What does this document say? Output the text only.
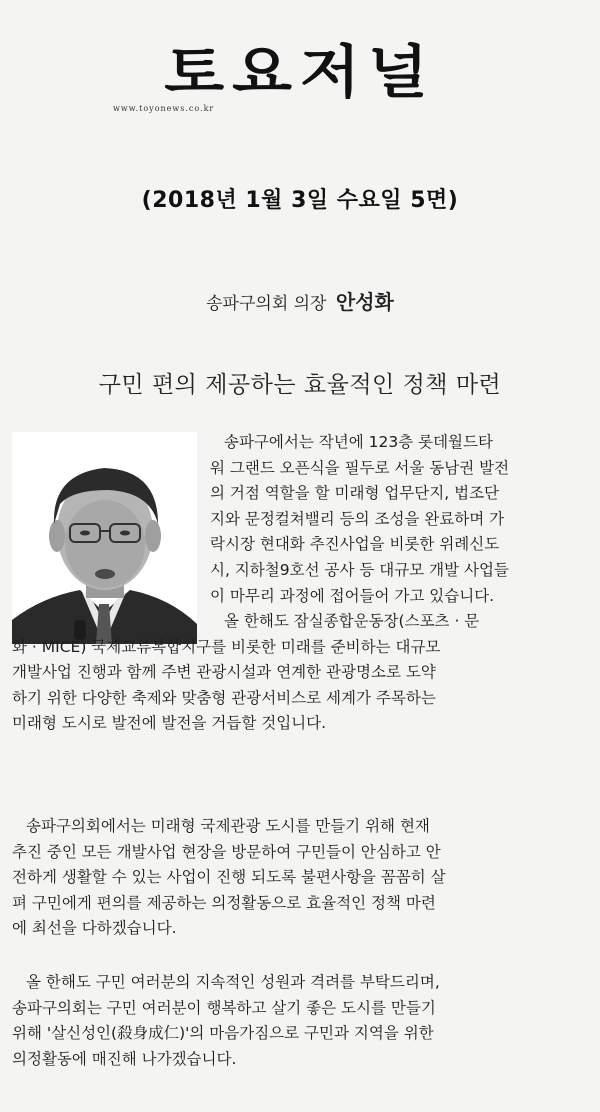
토요저널
www.toyonews.co.kr
(2018년 1월 3일 수요일 5면)
송파구의회 의장 안성화
구민 편의 제공하는 효율적인 정책 마련
송파구에서는 작년에 123층 롯데월드타
워 그랜드 오픈식을 필두로 서울 동남권 발전
의 거점 역할을 할 미래형 업무단지, 법조단
지와 문정컬쳐밸리 등의 조성을 완료하며 가
락시장 현대화 추진사업을 비롯한 위례신도
시, 지하철9호선 공사 등 대규모 개발 사업들
이 마무리 과정에 접어들어 가고 있습니다.
올 한해도 잠실종합운동장(스포츠 · 문
화 · MICE) 국제교류복합지구를 비롯한 미래를 준비하는 대규모
개발사업 진행과 함께 주변 관광시설과 연계한 관광명소로 도약
하기 위한 다양한 축제와 맞춤형 관광서비스로 세계가 주목하는
미래형 도시로 발전에 발전을 거듭할 것입니다.
송파구의회에서는 미래형 국제관광 도시를 만들기 위해 현재
추진 중인 모든 개발사업 현장을 방문하여 구민들이 안심하고 안
전하게 생활할 수 있는 사업이 진행 되도록 불편사항을 꼼꼼히 살
펴 구민에게 편의를 제공하는 의정활동으로 효율적인 정책 마련
에 최선을 다하겠습니다.
올 한해도 구민 여러분의 지속적인 성원과 격려를 부탁드리며,
송파구의회는 구민 여러분이 행복하고 살기 좋은 도시를 만들기
위해 '살신성인(殺身成仁)'의 마음가짐으로 구민과 지역을 위한
의정활동에 매진해 나가겠습니다.
